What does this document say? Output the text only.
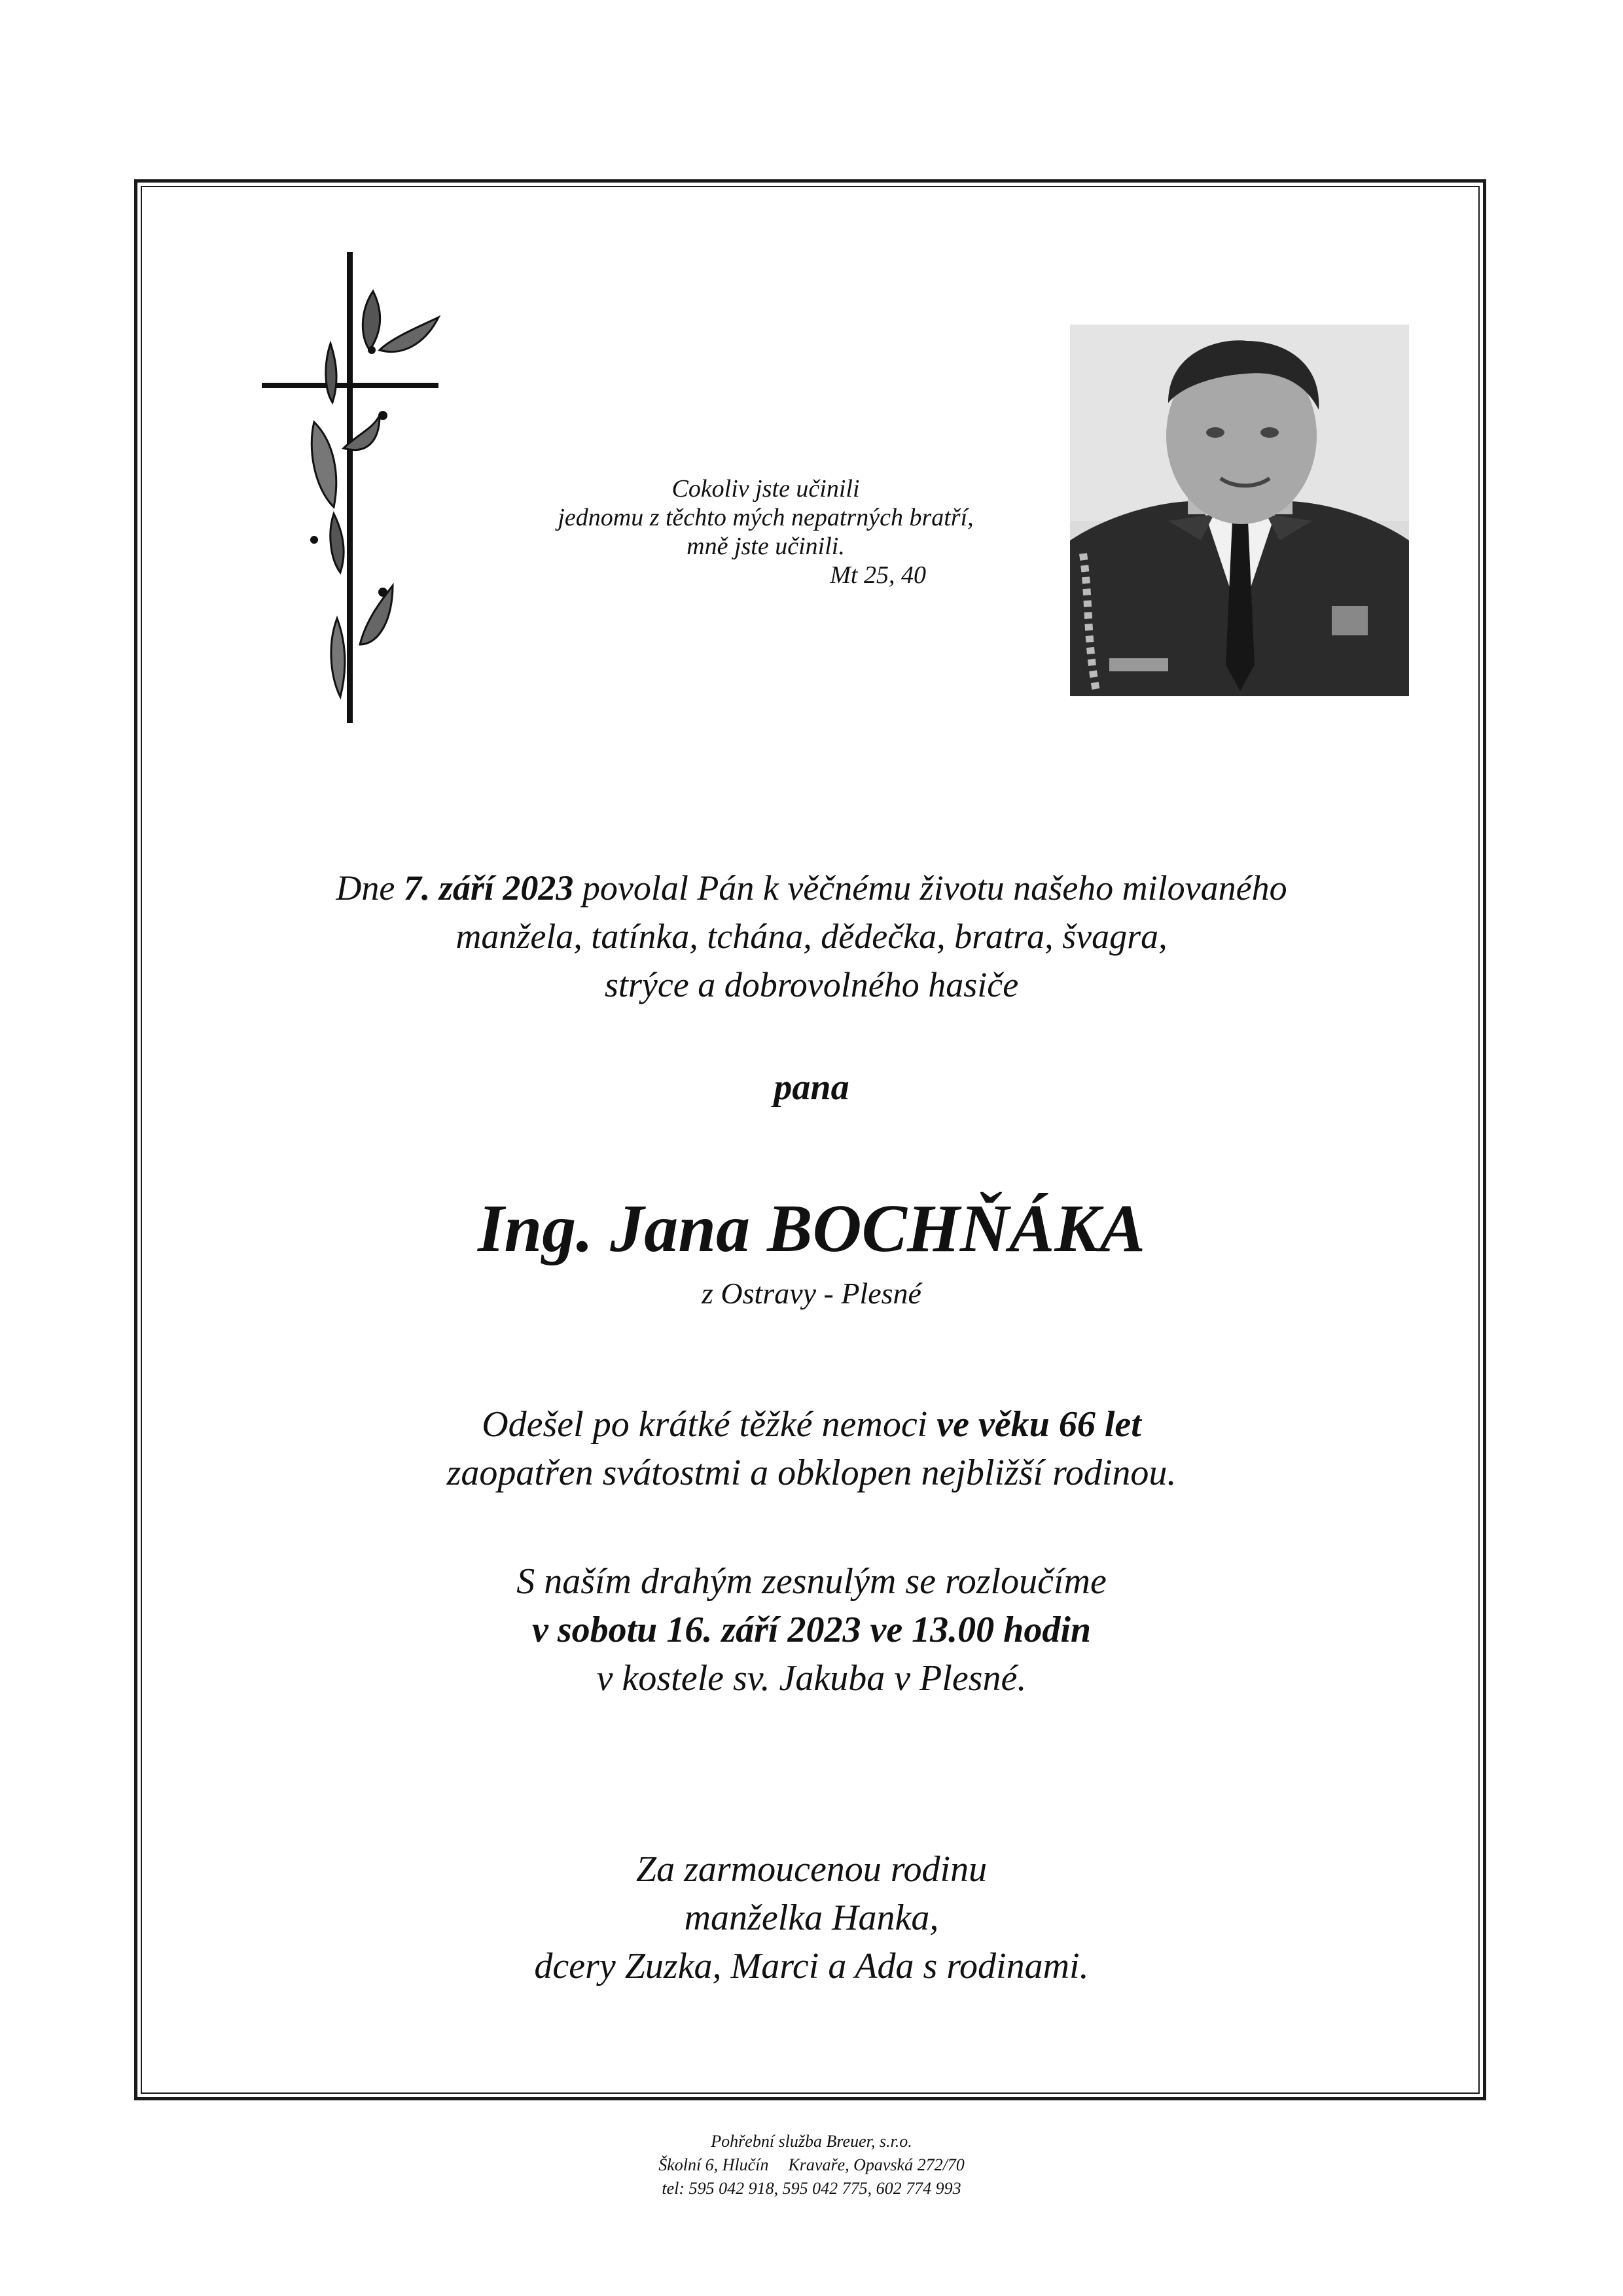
Cokoliv jste učinili
jednomu z těchto mých nepatrných bratří,
mně jste učinili.
Mt 25, 40
Dne 7. září 2023 povolal Pán k věčnému životu našeho milovaného
manžela, tatínka, tchána, dědečka, bratra, švagra,
strýce a dobrovolného hasiče
pana
Ing. Jana BOCHŇÁKA
z Ostravy - Plesné
Odešel po krátké těžké nemoci ve věku 66 let
zaopatřen svátostmi a obklopen nejbližší rodinou.
S naším drahým zesnulým se rozloučíme
v sobotu 16. září 2023 ve 13.00 hodin
v kostele sv. Jakuba v Plesné.
Za zarmoucenou rodinu
manželka Hanka,
dcery Zuzka, Marci a Ada s rodinami.
Pohřební služba Breuer, s.r.o.
Školní 6, Hlučín Kravaře, Opavská 272/70
tel: 595 042 918, 595 042 775, 602 774 993
